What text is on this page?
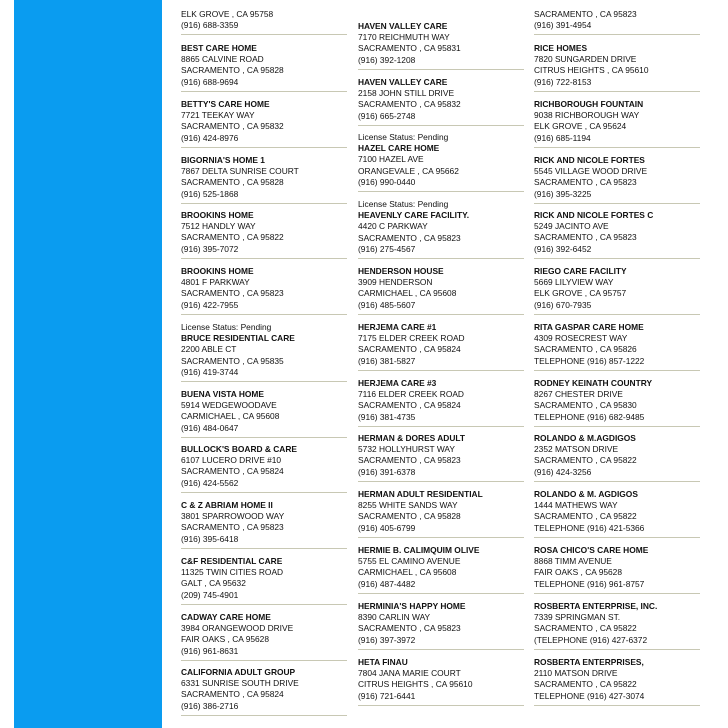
ELK GROVE , CA 95758
(916) 688-3359
BEST CARE HOME
8865 CALVINE ROAD
SACRAMENTO , CA 95828
(916) 688-9694
BETTY'S CARE HOME
7721 TEEKAY WAY
SACRAMENTO , CA 95832
(916) 424-8976
BIGORNIA'S HOME 1
7867 DELTA SUNRISE COURT
SACRAMENTO , CA 95828
(916) 525-1868
BROOKINS HOME
7512 HANDLY WAY
SACRAMENTO , CA 95822
(916) 395-7072
BROOKINS HOME
4801 F PARKWAY
SACRAMENTO , CA 95823
(916) 422-7955
License Status: Pending
BRUCE RESIDENTIAL CARE
2200 ABLE CT
SACRAMENTO , CA 95835
(916) 419-3744
BUENA VISTA HOME
5914 WEDGEWOODAVE
CARMICHAEL , CA 95608
(916) 484-0647
BULLOCK'S BOARD & CARE
6107 LUCERO DRIVE #10
SACRAMENTO , CA 95824
(916) 424-5562
C & Z ABRIAM HOME II
3801 SPARROWOOD WAY
SACRAMENTO , CA 95823
(916) 395-6418
C&F RESIDENTIAL CARE
11325 TWIN CITIES ROAD
GALT , CA 95632
(209) 745-4901
CADWAY CARE HOME
3984 ORANGEWOOD DRIVE
FAIR OAKS , CA 95628
(916) 961-8631
CALIFORNIA ADULT GROUP
6331 SUNRISE SOUTH DRIVE
SACRAMENTO , CA 95824
(916) 386-2716
HAVEN VALLEY CARE
7170 REICHMUTH WAY
SACRAMENTO , CA 95831
(916) 392-1208
HAVEN VALLEY CARE
2158 JOHN STILL DRIVE
SACRAMENTO , CA 95832
(916) 665-2748
License Status: Pending
HAZEL CARE HOME
7100 HAZEL AVE
ORANGEVALE , CA 95662
(916) 990-0440
License Status: Pending
HEAVENLY CARE FACILITY.
4420 C PARKWAY
SACRAMENTO , CA 95823
(916) 275-4567
HENDERSON HOUSE
3909 HENDERSON
CARMICHAEL , CA 95608
(916) 485-5607
HERJEMA CARE #1
7175 ELDER CREEK ROAD
SACRAMENTO , CA 95824
(916) 381-5827
HERJEMA CARE #3
7116 ELDER CREEK ROAD
SACRAMENTO , CA 95824
(916) 381-4735
HERMAN & DORES ADULT
5732 HOLLYHURST WAY
SACRAMENTO , CA 95823
(916) 391-6378
HERMAN ADULT RESIDENTIAL
8255 WHITE SANDS WAY
SACRAMENTO , CA 95828
(916) 405-6799
HERMIE B. CALIMQUIM OLIVE
5755 EL CAMINO AVENUE
CARMICHAEL , CA 95608
(916) 487-4482
HERMINIA'S HAPPY HOME
8390 CARLIN WAY
SACRAMENTO , CA 95823
(916) 397-3972
HETA FINAU
7804 JANA MARIE COURT
CITRUS HEIGHTS , CA 95610
(916) 721-6441
SACRAMENTO , CA 95823
(916) 391-4954
RICE HOMES
7820 SUNGARDEN DRIVE
CITRUS HEIGHTS , CA 95610
(916) 722-8153
RICHBOROUGH FOUNTAIN
9038 RICHBOROUGH WAY
ELK GROVE , CA 95624
(916) 685-1194
RICK AND NICOLE FORTES
5545 VILLAGE WOOD DRIVE
SACRAMENTO , CA 95823
(916) 395-3225
RICK AND NICOLE FORTES C
5249 JACINTO AVE
SACRAMENTO , CA 95823
(916) 392-6452
RIEGO CARE FACILITY
5669 LILYVIEW WAY
ELK GROVE , CA 95757
(916) 670-7935
RITA GASPAR CARE HOME
4309 ROSECREST WAY
SACRAMENTO , CA 95826
TELEPHONE (916) 857-1222
RODNEY KEINATH COUNTRY
8267 CHESTER DRIVE
SACRAMENTO , CA 95830
TELEPHONE (916) 682-9485
ROLANDO & M.AGDIGOS
2352 MATSON DRIVE
SACRAMENTO , CA 95822
(916) 424-3256
ROLANDO & M. AGDIGOS
1444 MATHEWS WAY
SACRAMENTO , CA 95822
TELEPHONE (916) 421-5366
ROSA CHICO'S CARE HOME
8868 TIMM AVENUE
FAIR OAKS , CA 95628
TELEPHONE (916) 961-8757
ROSBERTA ENTERPRISE, INC.
7339 SPRINGMAN ST.
SACRAMENTO , CA 95822
(TELEPHONE (916) 427-6372
ROSBERTA ENTERPRISES,
2110 MATSON DRIVE
SACRAMENTO , CA 95822
TELEPHONE (916) 427-3074
